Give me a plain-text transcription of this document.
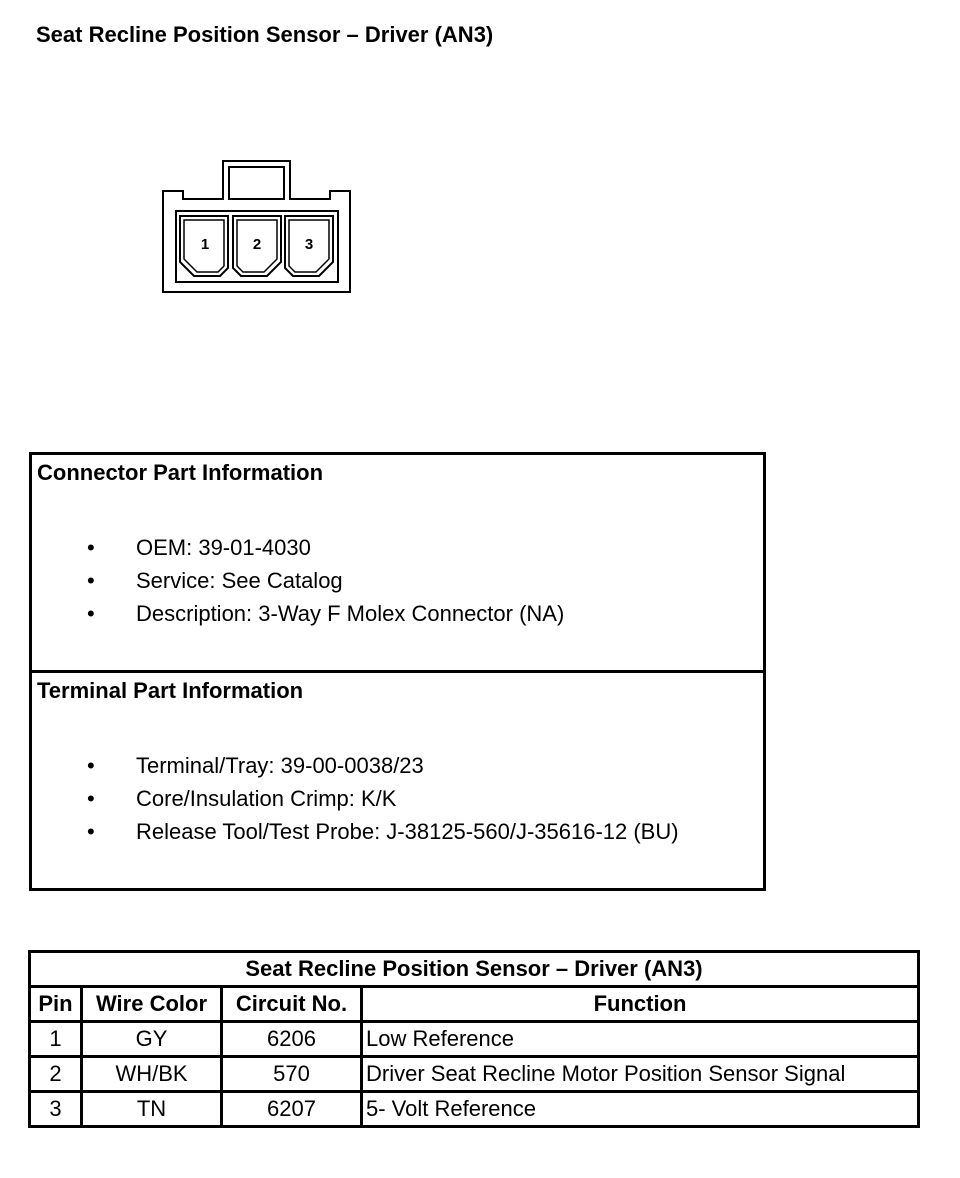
Seat Recline Position Sensor – Driver (AN3)
1	2	3
Connector Part Information
• OEM: 39-01-4030
• Service: See Catalog
• Description: 3-Way F Molex Connector (NA)
Terminal Part Information
• Terminal/Tray: 39-00-0038/23
• Core/Insulation Crimp: K/K
• Release Tool/Test Probe: J-38125-560/J-35616-12 (BU)
Seat Recline Position Sensor – Driver (AN3)			
Pin	Wire Color	Circuit No.	Function
1	GY	6206	Low Reference
2	WH/BK	570	Driver Seat Recline Motor Position Sensor Signal
3	TN	6207	5- Volt Reference
